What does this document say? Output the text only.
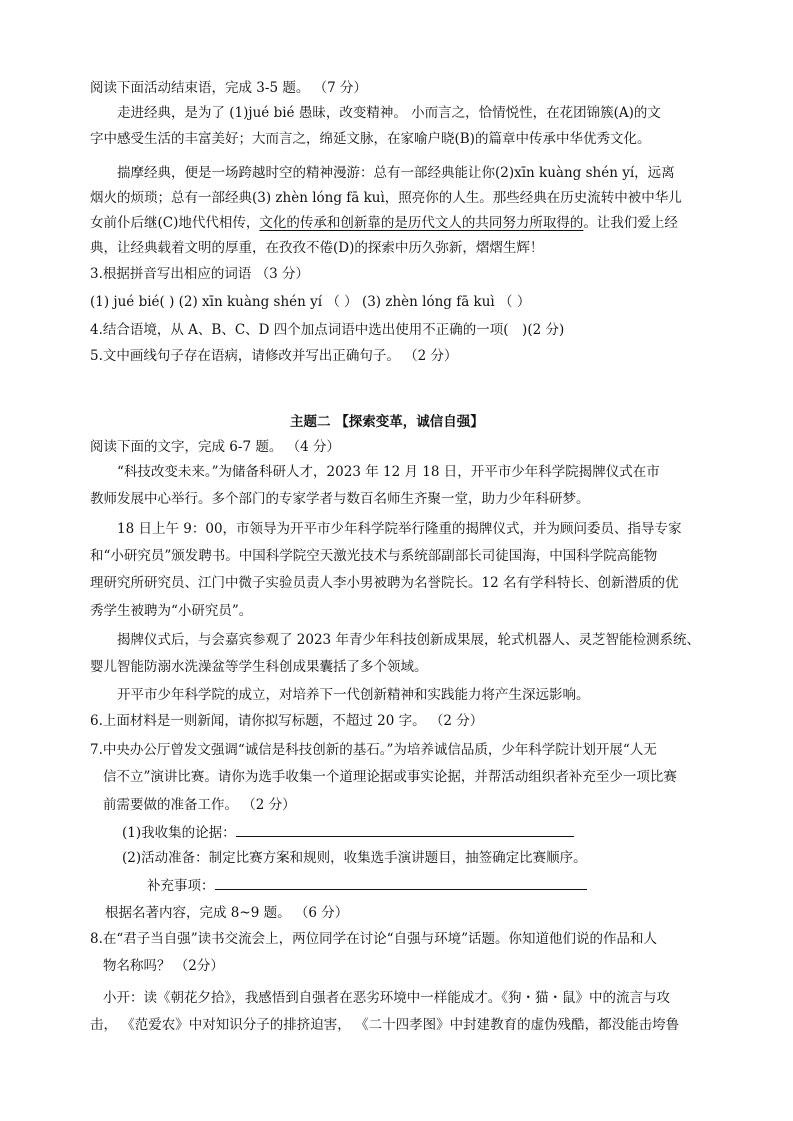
阅读下面活动结束语，完成 3-5 题。 （7 分）
走进经典，是为了 (1)jué bié 愚昧，改变精神。 小而言之，恰情悦性，在花团锦簇(A)的文
字中感受生活的丰富美好；大而言之，绵延文脉，在家喻户晓(B)的篇章中传承中华优秀文化。
揣摩经典，便是一场跨越时空的精神漫游：总有一部经典能让你(2)xīn kuàng shén yí，远离
烟火的烦琐；总有一部经典(3) zhèn lóng fā kuì，照亮你的人生。那些经典在历史流转中被中华儿
女前仆后继(C)地代代相传，文化的传承和创新靠的是历代文人的共同努力所取得的。让我们爱上经
典，让经典载着文明的厚重，在孜孜不倦(D)的探索中历久弥新，熠熠生辉！
3.根据拼音写出相应的词语 （3 分）
(1) jué bié( ) (2) xīn kuàng shén yí （ ） (3) zhèn lóng fā kuì （ ）
4.结合语境，从 A、B、C、D 四个加点词语中选出使用不正确的一项(　)(2 分)
5.文中画线句子存在语病，请修改并写出正确句子。 （2 分）
主题二 【探索变革，诚信自强】
阅读下面的文字，完成 6-7 题。 （4 分）
“科技改变未来。”为储备科研人才，2023 年 12 月 18 日，开平市少年科学院揭牌仪式在市
教师发展中心举行。多个部门的专家学者与数百名师生齐聚一堂，助力少年科研梦。
18 日上午 9：00，市领导为开平市少年科学院举行隆重的揭牌仪式，并为顾问委员、指导专家
和“小研究员”颁发聘书。中国科学院空天激光技术与系统部副部长司徒国海，中国科学院高能物
理研究所研究员、江门中微子实验员责人李小男被聘为名誉院长。12 名有学科特长、创新潜质的优
秀学生被聘为“小研究员”。
揭牌仪式后，与会嘉宾参观了 2023 年青少年科技创新成果展，轮式机器人、灵芝智能检测系统、
婴儿智能防溺水洗澡盆等学生科创成果囊括了多个领域。
开平市少年科学院的成立，对培养下一代创新精神和实践能力将产生深远影响。
6.上面材料是一则新闻，请你拟写标题，不超过 20 字。 （2 分）
7.中央办公厅曾发文强调“诚信是科技创新的基石。”为培养诚信品质，少年科学院计划开展“人无
信不立”演讲比赛。请你为选手收集一个道理论据或事实论据，并帮活动组织者补充至少一项比赛
前需要做的准备工作。 （2 分）
(1)我收集的论据：
(2)活动准备：制定比赛方案和规则，收集选手演讲题目，抽签确定比赛顺序。
补充事项：
根据名著内容，完成 8~9 题。 （6 分）
8.在“君子当自强”读书交流会上，两位同学在讨论“自强与环境”话题。你知道他们说的作品和人
物名称吗？ （2分）
小开：读《朝花夕拾》，我感悟到自强者在恶劣环境中一样能成才。《狗・猫・鼠》中的流言与攻
击， 《范爱农》中对知识分子的排挤迫害， 《二十四孝图》中封建教育的虚伪残酷，都没能击垮鲁
